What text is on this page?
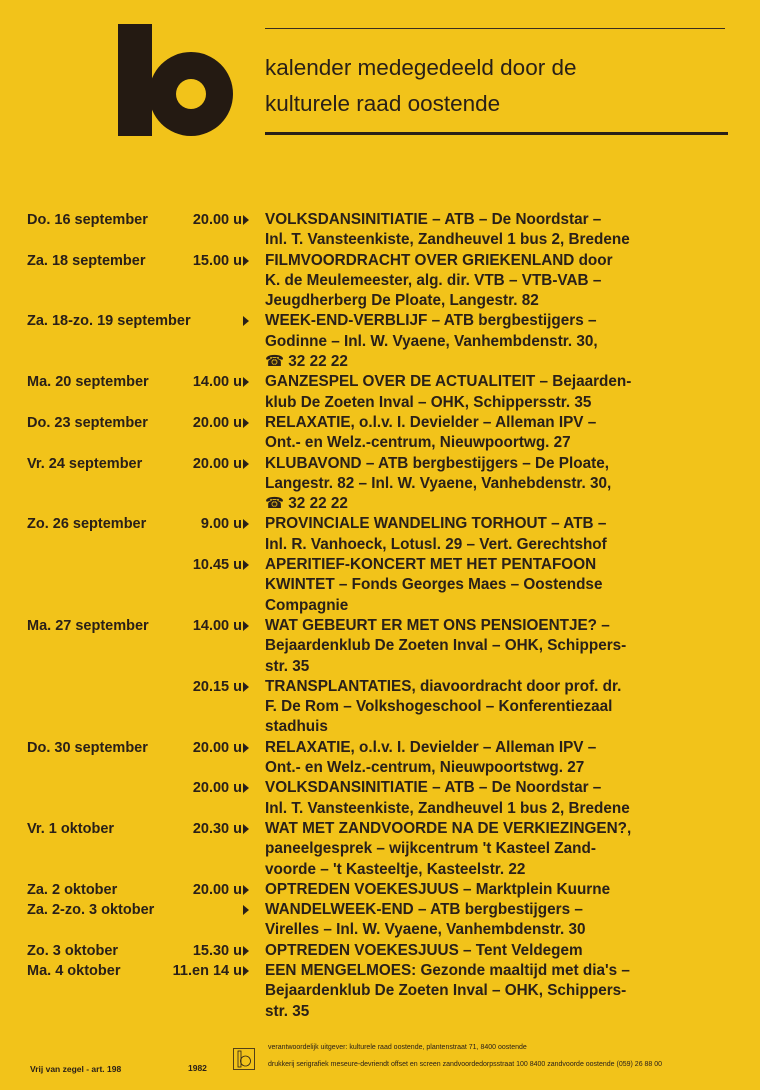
kalender medegedeeld door de
kulturele raad oostende
Do. 16 september	20.00 u VOLKSDANSINITIATIE – ATB – De Noordstar –
Inl. T. Vansteenkiste, Zandheuvel 1 bus 2, Bredene
Za. 18 september	15.00 u FILMVOORDRACHT OVER GRIEKENLAND door
K. de Meulemeester, alg. dir. VTB – VTB-VAB –
Jeugdherberg De Ploate, Langestr. 82
Za. 18-zo. 19 september	WEEK-END-VERBLIJF – ATB bergbestijgers –
Godinne – Inl. W. Vyaene, Vanhembdenstr. 30,
☎ 32 22 22
Ma. 20 september	14.00 u GANZESPEL OVER DE ACTUALITEIT – Bejaarden-
klub De Zoeten Inval – OHK, Schippersstr. 35
Do. 23 september	20.00 u RELAXATIE, o.l.v. I. Devielder – Alleman IPV –
Ont.- en Welz.-centrum, Nieuwpoortwg. 27
Vr. 24 september	20.00 u KLUBAVOND – ATB bergbestijgers – De Ploate,
Langestr. 82 – Inl. W. Vyaene, Vanhebdenstr. 30,
☎ 32 22 22
Zo. 26 september	9.00 u PROVINCIALE WANDELING TORHOUT – ATB –
Inl. R. Vanhoeck, Lotusl. 29 – Vert. Gerechtshof
10.45 u APERITIEF-KONCERT MET HET PENTAFOON
KWINTET – Fonds Georges Maes – Oostendse
Compagnie
Ma. 27 september	14.00 u WAT GEBEURT ER MET ONS PENSIOENTJE? –
Bejaardenklub De Zoeten Inval – OHK, Schippers-
str. 35
20.15 u TRANSPLANTATIES, diavoordracht door prof. dr.
F. De Rom – Volkshogeschool – Konferentiezaal
stadhuis
Do. 30 september	20.00 u RELAXATIE, o.l.v. I. Devielder – Alleman IPV –
Ont.- en Welz.-centrum, Nieuwpoortstwg. 27
20.00 u VOLKSDANSINITIATIE – ATB – De Noordstar –
Inl. T. Vansteenkiste, Zandheuvel 1 bus 2, Bredene
Vr. 1 oktober	20.30 u WAT MET ZANDVOORDE NA DE VERKIEZINGEN?,
paneelgesprek – wijkcentrum 't Kasteel Zand-
voorde – 't Kasteeltje, Kasteelstr. 22
Za. 2 oktober	20.00 u OPTREDEN VOEKESJUUS – Marktplein Kuurne
Za. 2-zo. 3 oktober	WANDELWEEK-END – ATB bergbestijgers –
Virelles – Inl. W. Vyaene, Vanhembdenstr. 30
Zo. 3 oktober	15.30 u OPTREDEN VOEKESJUUS – Tent Veldegem
Ma. 4 oktober	11.en 14 u EEN MENGELMOES: Gezonde maaltijd met dia's –
Bejaardenklub De Zoeten Inval – OHK, Schippers-
str. 35
Vrij van zegel - art. 198	1982
verantwoordelijk uitgever: kulturele raad oostende, plantenstraat 71, 8400 oostende
drukkerij serigrafiek meseure-devriendt offset en screen zandvoordedorpsstraat 100 8400 zandvoorde oostende (059) 26 88 00
